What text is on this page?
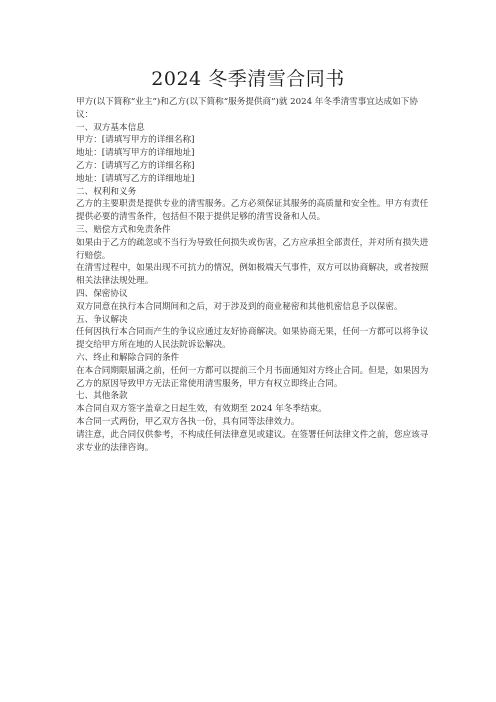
2024 冬季清雪合同书

甲方(以下简称“业主”)和乙方(以下简称“服务提供商”)就 2024 年冬季清雪事宜达成如下协议：

一、双方基本信息

甲方：[请填写甲方的详细名称]

地址：[请填写甲方的详细地址]

乙方：[请填写乙方的详细名称]

地址：[请填写乙方的详细地址]

二、权利和义务

乙方的主要职责是提供专业的清雪服务。乙方必须保证其服务的高质量和安全性。甲方有责任提供必要的清雪条件，包括但不限于提供足够的清雪设备和人员。

三、赔偿方式和免责条件

如果由于乙方的疏忽或不当行为导致任何损失或伤害，乙方应承担全部责任，并对所有损失进行赔偿。

在清雪过程中，如果出现不可抗力的情况，例如极端天气事件，双方可以协商解决，或者按照相关法律法规处理。

四、保密协议

双方同意在执行本合同期间和之后，对于涉及到的商业秘密和其他机密信息予以保密。

五、争议解决

任何因执行本合同而产生的争议应通过友好协商解决。如果协商无果，任何一方都可以将争议提交给甲方所在地的人民法院诉讼解决。

六、终止和解除合同的条件

在本合同期限届满之前，任何一方都可以提前三个月书面通知对方终止合同。但是，如果因为乙方的原因导致甲方无法正常使用清雪服务，甲方有权立即终止合同。

七、其他条款

本合同自双方签字盖章之日起生效，有效期至 2024 年冬季结束。

本合同一式两份，甲乙双方各执一份，具有同等法律效力。

请注意，此合同仅供参考，不构成任何法律意见或建议。在签署任何法律文件之前，您应该寻求专业的法律咨询。
